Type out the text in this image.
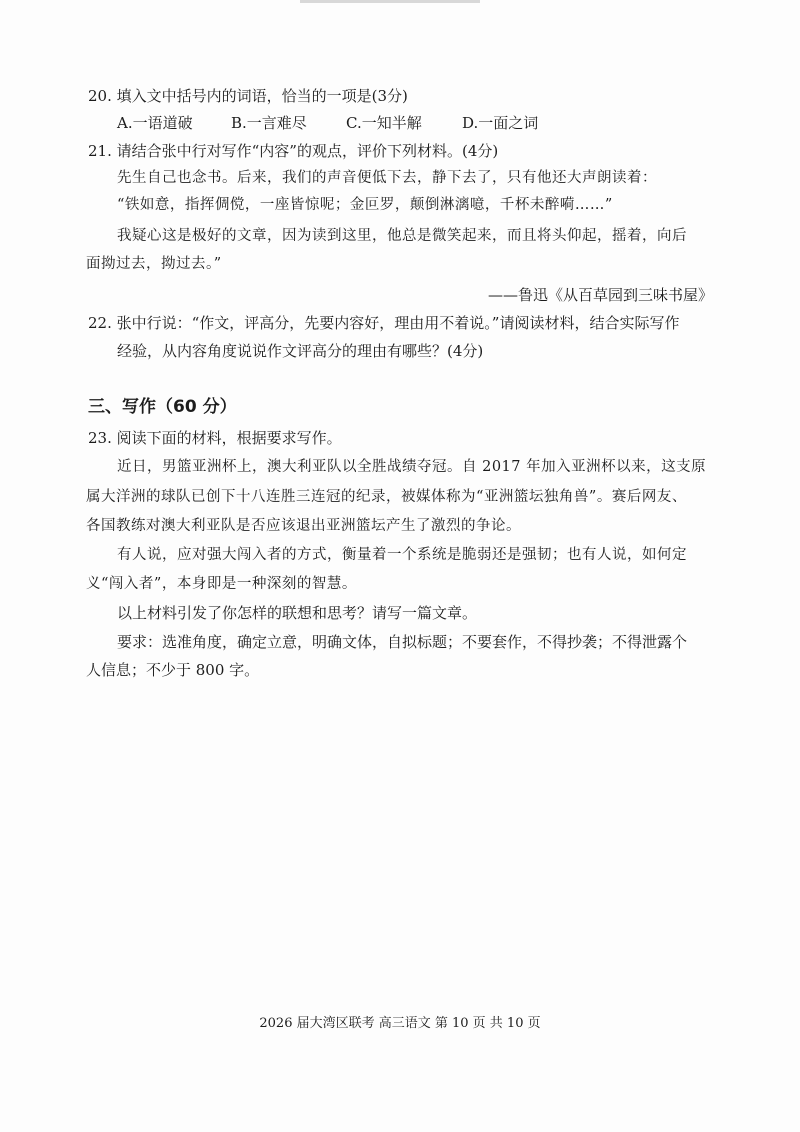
20. 填入文中括号内的词语，恰当的一项是(3分)
A.一语道破	B.一言难尽	C.一知半解	D.一面之词
21. 请结合张中行对写作“内容”的观点，评价下列材料。(4分)
先生自己也念书。后来，我们的声音便低下去，静下去了，只有他还大声朗读着：
“铁如意，指挥倜傥，一座皆惊呢；金叵罗，颠倒淋漓噫，千杯未醉嗬……”
我疑心这是极好的文章，因为读到这里，他总是微笑起来，而且将头仰起，摇着，向后
面拗过去，拗过去。”
——鲁迅《从百草园到三味书屋》
22. 张中行说：“作文，评高分，先要内容好，理由用不着说。”请阅读材料，结合实际写作
经验，从内容角度说说作文评高分的理由有哪些？(4分)
三、写作（60 分）
23. 阅读下面的材料，根据要求写作。
近日，男篮亚洲杯上，澳大利亚队以全胜战绩夺冠。自 2017 年加入亚洲杯以来，这支原
属大洋洲的球队已创下十八连胜三连冠的纪录，被媒体称为“亚洲篮坛独角兽”。赛后网友、
各国教练对澳大利亚队是否应该退出亚洲篮坛产生了激烈的争论。
有人说，应对强大闯入者的方式，衡量着一个系统是脆弱还是强韧；也有人说，如何定
义“闯入者”，本身即是一种深刻的智慧。
以上材料引发了你怎样的联想和思考？请写一篇文章。
要求：选准角度，确定立意，明确文体，自拟标题；不要套作，不得抄袭；不得泄露个
人信息；不少于 800 字。
2026 届大湾区联考 高三语文 第 10 页 共 10 页
